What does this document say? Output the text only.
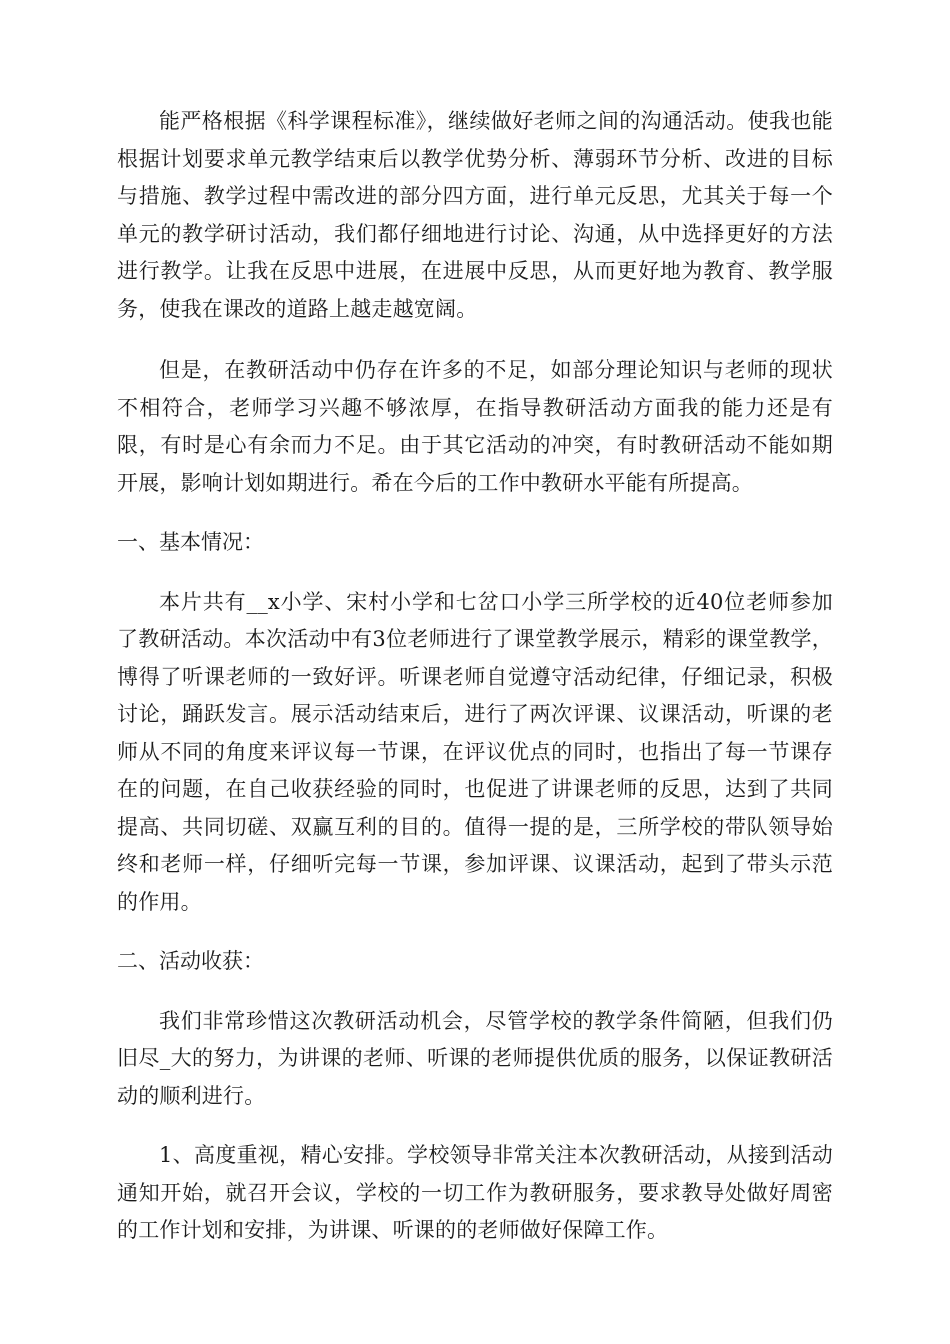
能严格根据《科学课程标准》，继续做好老师之间的沟通活动。使我也能根据计划要求单元教学结束后以教学优势分析、薄弱环节分析、改进的目标与措施、教学过程中需改进的部分四方面，进行单元反思，尤其关于每一个单元的教学研讨活动，我们都仔细地进行讨论、沟通，从中选择更好的方法进行教学。让我在反思中进展，在进展中反思，从而更好地为教育、教学服务，使我在课改的道路上越走越宽阔。

但是，在教研活动中仍存在许多的不足，如部分理论知识与老师的现状不相符合，老师学习兴趣不够浓厚，在指导教研活动方面我的能力还是有限，有时是心有余而力不足。由于其它活动的冲突，有时教研活动不能如期开展，影响计划如期进行。希在今后的工作中教研水平能有所提高。

一、基本情况：

本片共有__x小学、宋村小学和七岔口小学三所学校的近40位老师参加了教研活动。本次活动中有3位老师进行了课堂教学展示，精彩的课堂教学，博得了听课老师的一致好评。听课老师自觉遵守活动纪律，仔细记录，积极讨论，踊跃发言。展示活动结束后，进行了两次评课、议课活动，听课的老师从不同的角度来评议每一节课，在评议优点的同时，也指出了每一节课存在的问题，在自己收获经验的同时，也促进了讲课老师的反思，达到了共同提高、共同切磋、双赢互利的目的。值得一提的是，三所学校的带队领导始终和老师一样，仔细听完每一节课，参加评课、议课活动，起到了带头示范的作用。

二、活动收获：

我们非常珍惜这次教研活动机会，尽管学校的教学条件简陋，但我们仍旧尽_大的努力，为讲课的老师、听课的老师提供优质的服务，以保证教研活动的顺利进行。

1、高度重视，精心安排。学校领导非常关注本次教研活动，从接到活动通知开始，就召开会议，学校的一切工作为教研服务，要求教导处做好周密的工作计划和安排，为讲课、听课的的老师做好保障工作。
